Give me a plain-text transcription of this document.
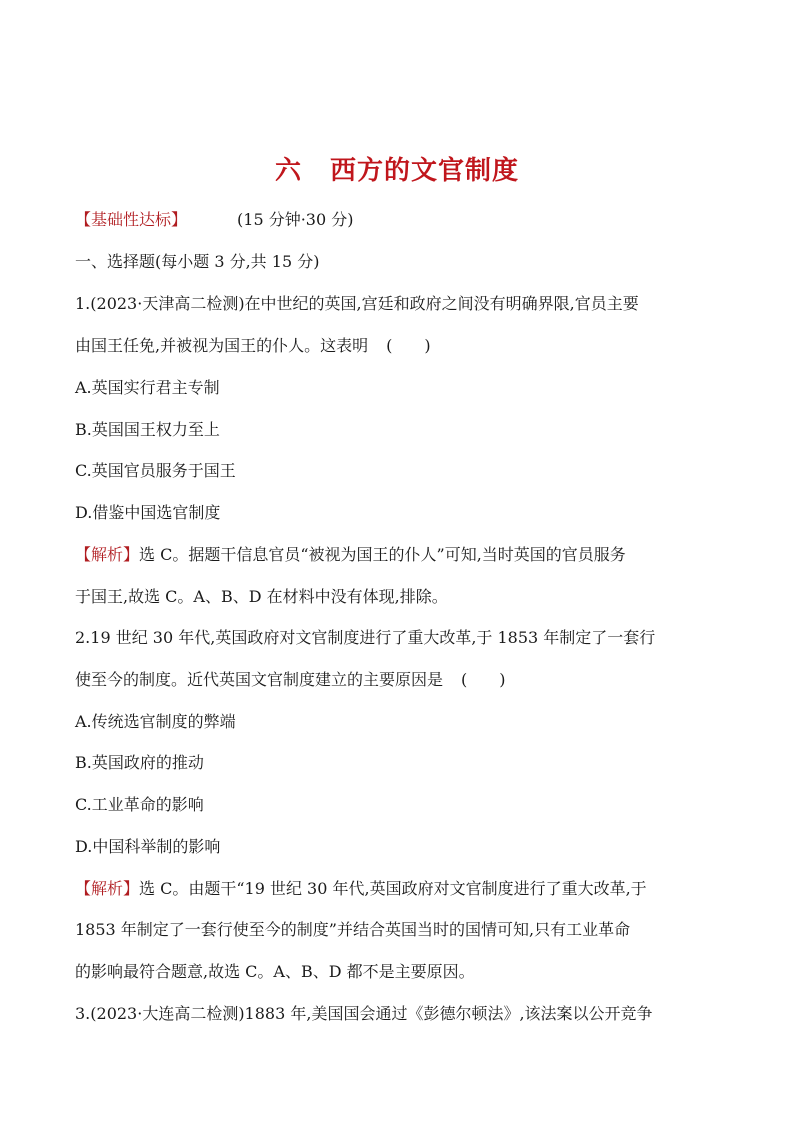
六 西方的文官制度
【基础性达标】	(15 分钟·30 分)
一、选择题(每小题 3 分,共 15 分)
1.(2023·天津高二检测)在中世纪的英国,宫廷和政府之间没有明确界限,官员主要
由国王任免,并被视为国王的仆人。这表明 (　　)
A.英国实行君主专制
B.英国国王权力至上
C.英国官员服务于国王
D.借鉴中国选官制度
【解析】选 C。据题干信息官员“被视为国王的仆人”可知,当时英国的官员服务
于国王,故选 C。A、B、D 在材料中没有体现,排除。
2.19 世纪 30 年代,英国政府对文官制度进行了重大改革,于 1853 年制定了一套行
使至今的制度。近代英国文官制度建立的主要原因是 (　　)
A.传统选官制度的弊端
B.英国政府的推动
C.工业革命的影响
D.中国科举制的影响
【解析】选 C。由题干“19 世纪 30 年代,英国政府对文官制度进行了重大改革,于
1853 年制定了一套行使至今的制度”并结合英国当时的国情可知,只有工业革命
的影响最符合题意,故选 C。A、B、D 都不是主要原因。
3.(2023·大连高二检测)1883 年,美国国会通过《彭德尔顿法》,该法案以公开竞争
